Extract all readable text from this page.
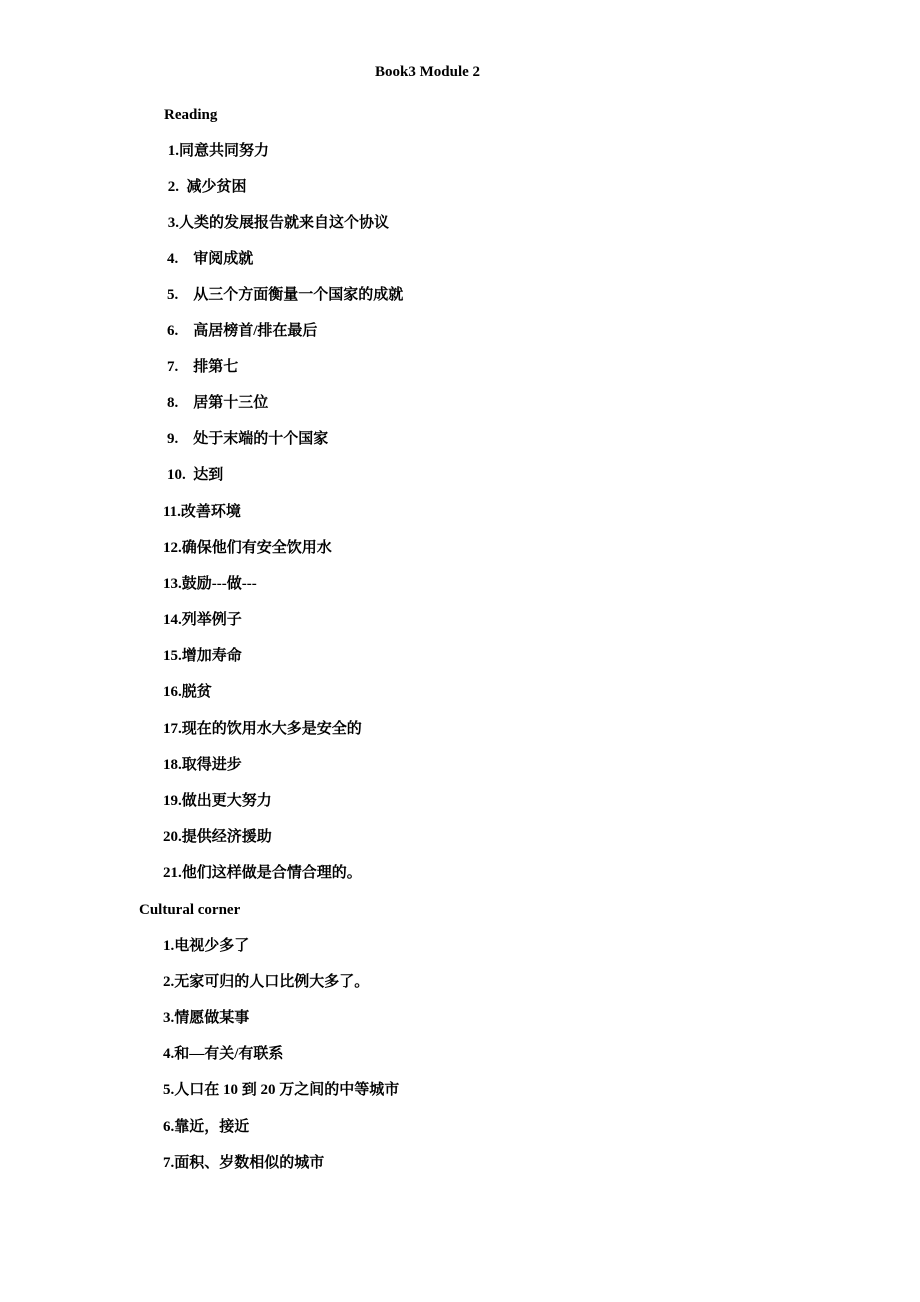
Book3 Module 2
Reading
1.同意共同努力
2.  减少贫困
3.人类的发展报告就来自这个协议
4.    审阅成就
5.    从三个方面衡量一个国家的成就
6.    高居榜首/排在最后
7.    排第七
8.    居第十三位
9.    处于末端的十个国家
10.  达到
11.改善环境
12.确保他们有安全饮用水
13.鼓励---做---
14.列举例子
15.增加寿命
16.脱贫
17.现在的饮用水大多是安全的
18.取得进步
19.做出更大努力
20.提供经济援助
21.他们这样做是合情合理的。
Cultural corner
1.电视少多了
2.无家可归的人口比例大多了。
3.情愿做某事
4.和—有关/有联系
5.人口在 10 到 20 万之间的中等城市
6.靠近，接近
7.面积、岁数相似的城市
